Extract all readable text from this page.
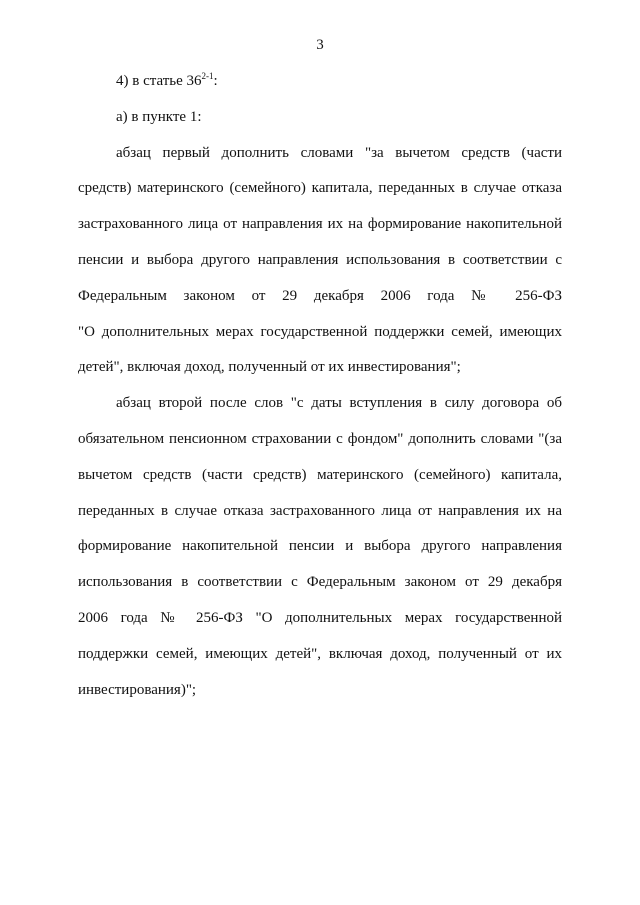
3
4) в статье 36$^{2-1}$:
а) в пункте 1:
абзац первый дополнить словами "за вычетом средств (части
средств) материнского (семейного) капитала, переданных в случае отказа
застрахованного лица от направления их на формирование накопительной
пенсии и выбора другого направления использования в соответствии с
Федеральным законом от 29 декабря 2006 года № 256-ФЗ
"О дополнительных мерах государственной поддержки семей, имеющих
детей", включая доход, полученный от их инвестирования";
абзац второй после слов "с даты вступления в силу договора об
обязательном пенсионном страховании с фондом" дополнить словами "(за
вычетом средств (части средств) материнского (семейного) капитала,
переданных в случае отказа застрахованного лица от направления их на
формирование накопительной пенсии и выбора другого направления
использования в соответствии с Федеральным законом от 29 декабря
2006 года № 256-ФЗ "О дополнительных мерах государственной
поддержки семей, имеющих детей", включая доход, полученный от их
инвестирования)";
